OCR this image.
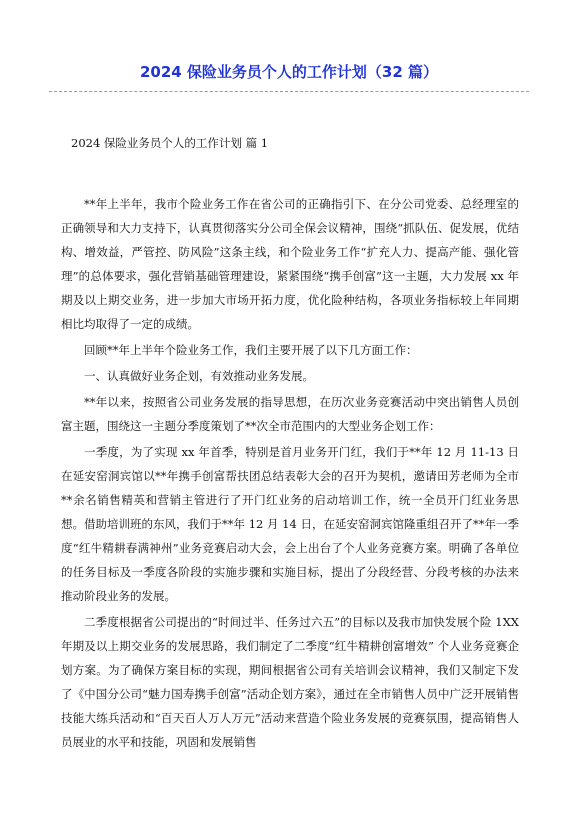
2024 保险业务员个人的工作计划（32 篇）
2024 保险业务员个人的工作计划 篇 1

**年上半年，我市个险业务工作在省公司的正确指引下、在分公司党委、总经理室的正确领导和大力支持下，认真贯彻落实分公司全保会议精神，围绕“抓队伍、促发展，优结构、增效益，严管控、防风险”这条主线，和个险业务工作“扩充人力、提高产能、强化管理”的总体要求，强化营销基础管理建设，紧紧围绕“携手创富”这一主题，大力发展 xx 年期及以上期交业务，进一步加大市场开拓力度，优化险种结构，各项业务指标较上年同期相比均取得了一定的成绩。

回顾**年上半年个险业务工作，我们主要开展了以下几方面工作：

一、认真做好业务企划，有效推动业务发展。

**年以来，按照省公司业务发展的指导思想，在历次业务竞赛活动中突出销售人员创富主题，围绕这一主题分季度策划了**次全市范围内的大型业务企划工作：

一季度，为了实现 xx 年首季，特别是首月业务开门红，我们于**年 12 月 11-13 日在延安窑洞宾馆以**年携手创富帮扶团总结表彰大会的召开为契机，邀请田芳老师为全市**余名销售精英和营销主管进行了开门红业务的启动培训工作，统一全员开门红业务思想。借助培训班的东风，我们于**年 12 月 14 日，在延安窑洞宾馆隆重组召开了**年一季度“红牛精耕春满神州”业务竞赛启动大会，会上出台了个人业务竞赛方案。明确了各单位的任务目标及一季度各阶段的实施步骤和实施目标，提出了分段经营、分段考核的办法来推动阶段业务的发展。

二季度根据省公司提出的“时间过半、任务过六五”的目标以及我市加快发展个险 1XX 年期及以上期交业务的发展思路，我们制定了二季度“红牛精耕创富增效” 个人业务竞赛企划方案。为了确保方案目标的实现，期间根据省公司有关培训会议精神，我们又制定下发了《中国分公司“魅力国寿携手创富”活动企划方案》，通过在全市销售人员中广泛开展销售技能大练兵活动和“百天百人万人万元”活动来营造个险业务发展的竞赛氛围，提高销售人员展业的水平和技能，巩固和发展销售
